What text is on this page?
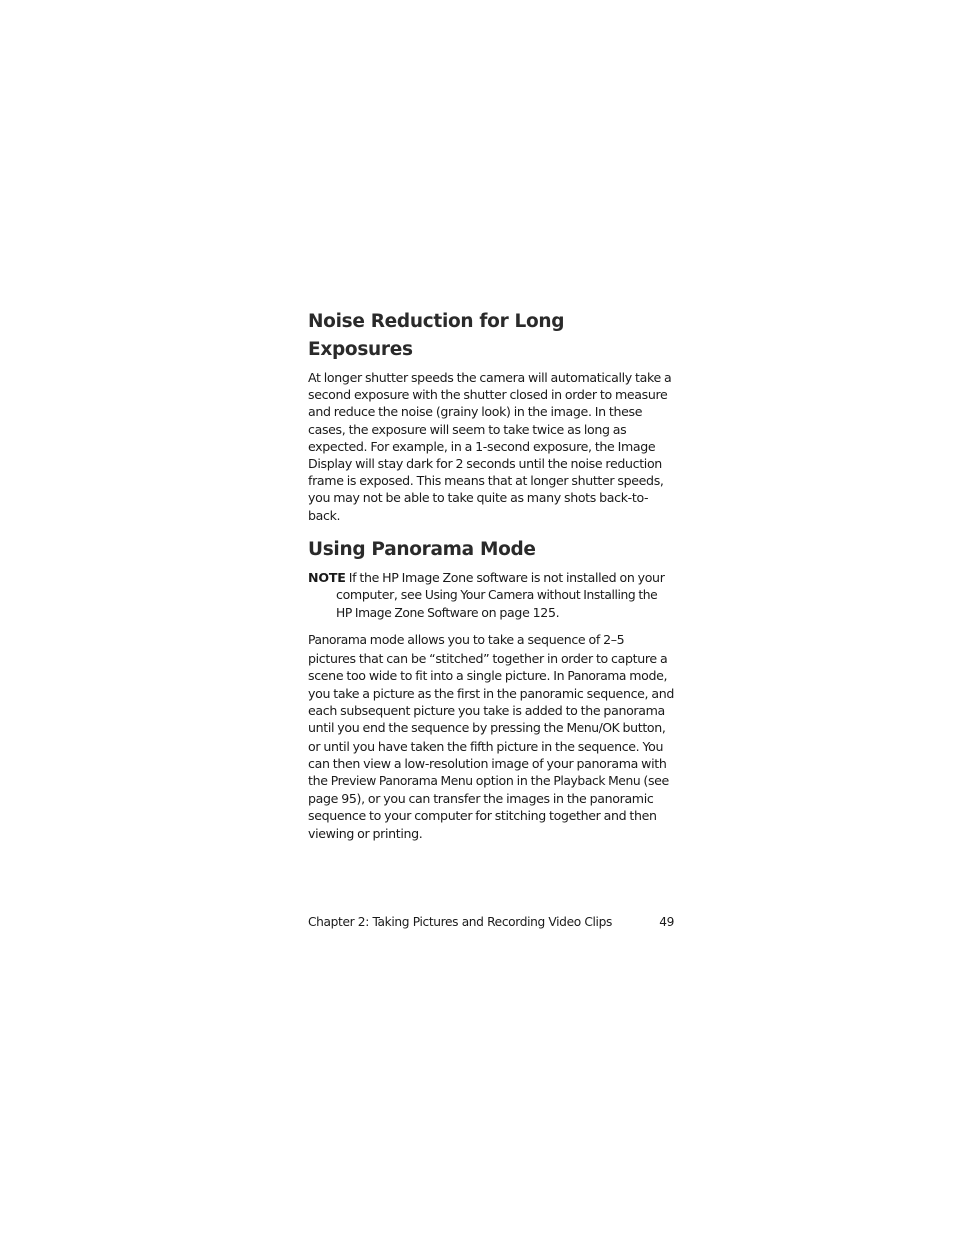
Noise Reduction for Long Exposures

At longer shutter speeds the camera will automatically take a second exposure with the shutter closed in order to measure and reduce the noise (grainy look) in the image. In these cases, the exposure will seem to take twice as long as expected. For example, in a 1-second exposure, the Image Display will stay dark for 2 seconds until the noise reduction frame is exposed. This means that at longer shutter speeds, you may not be able to take quite as many shots back-to-back.

Using Panorama Mode

NOTE If the HP Image Zone software is not installed on your computer, see Using Your Camera without Installing the HP Image Zone Software on page 125.

Panorama mode allows you to take a sequence of 2–5 pictures that can be “stitched” together in order to capture a scene too wide to fit into a single picture. In Panorama mode, you take a picture as the first in the panoramic sequence, and each subsequent picture you take is added to the panorama until you end the sequence by pressing the Menu/OK button, or until you have taken the fifth picture in the sequence. You can then view a low-resolution image of your panorama with the Preview Panorama Menu option in the Playback Menu (see page 95), or you can transfer the images in the panoramic sequence to your computer for stitching together and then viewing or printing.

Chapter 2: Taking Pictures and Recording Video Clips	49
